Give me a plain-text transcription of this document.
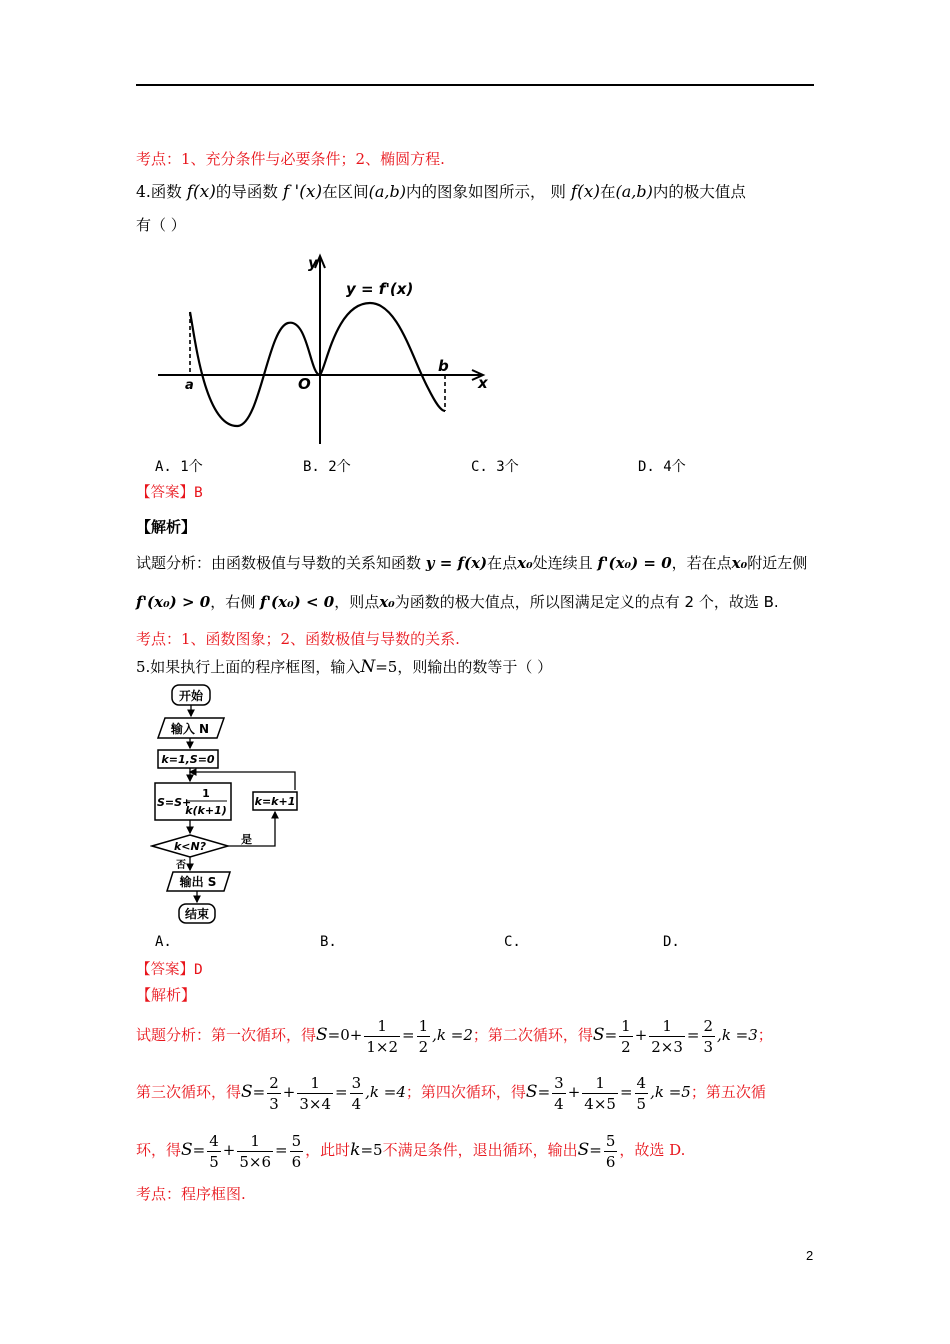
考点：1、充分条件与必要条件；2、椭圆方程.
4.函数 f(x)的导函数 f '(x)在区间(a,b)内的图象如图所示， 则 f(x)在(a,b)内的极大值点
有（ ）
y = f'(x)
y
x
O
a
b
A. 1个	B. 2个	C. 3个	D. 4个
【答案】B
【解析】
试题分析：由函数极值与导数的关系知函数 y = f(x)在点x₀处连续且 f'(x₀) = 0，若在点x₀附近左侧
f'(x₀) > 0，右侧 f'(x₀) < 0，则点x₀为函数的极大值点，所以图满足定义的点有 2 个，故选 B.
考点：1、函数图象；2、函数极值与导数的关系.
5.如果执行上面的程序框图，输入N=5，则输出的数等于（ ）
开始
输入 N
k=1,S=0
S=S+
1
k(k+1)
k=k+1
k<N?
是
否
输出 S
结束
A.	B.	C.	D.
【答案】D
【解析】
试题分析：第一次循环，得$S=0+ \frac{1}{1\times 2} = \frac{1}{2} ,k =2$；第二次循环，得$S= \frac{1}{2} + \frac{1}{2\times 3} = \frac{2}{3} ,k =3$；
第三次循环，得$S= \frac{2}{3} + \frac{1}{3\times 4} = \frac{3}{4} ,k =4$；第四次循环，得$S= \frac{3}{4} + \frac{1}{4\times 5} = \frac{4}{5} ,k =5$；第五次循
环，得$S= \frac{4}{5} + \frac{1}{5\times 6} = \frac{5}{6}$ ，此时k=5不满足条件，退出循环，输出$S= \frac{5}{6}$ ，故选 D.
考点：程序框图.
2
